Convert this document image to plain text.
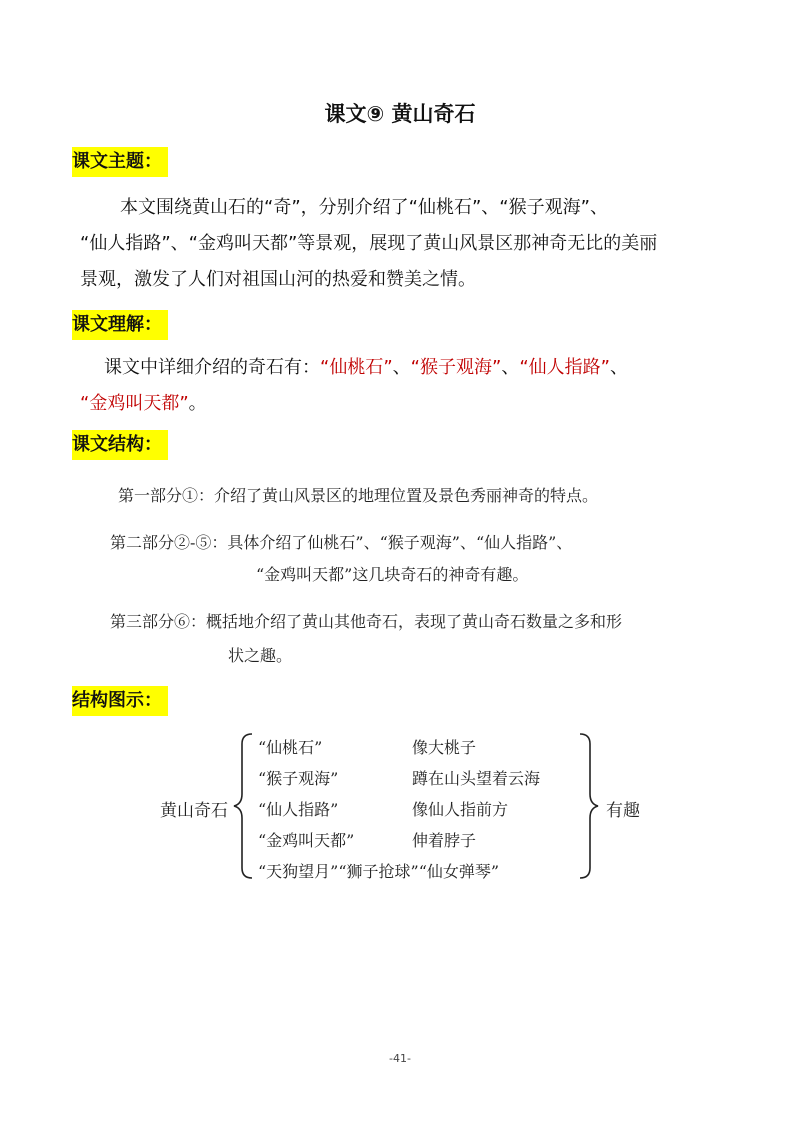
课文⑨ 黄山奇石
课文主题：
本文围绕黄山石的“奇”，分别介绍了“仙桃石”、“猴子观海”、
“仙人指路”、“金鸡叫天都”等景观，展现了黄山风景区那神奇无比的美丽
景观，激发了人们对祖国山河的热爱和赞美之情。
课文理解：
课文中详细介绍的奇石有：“仙桃石”、“猴子观海”、“仙人指路”、
“金鸡叫天都”。
课文结构：
第一部分①：介绍了黄山风景区的地理位置及景色秀丽神奇的特点。
第二部分②-⑤：具体介绍了仙桃石”、“猴子观海”、“仙人指路”、
“金鸡叫天都”这几块奇石的神奇有趣。
第三部分⑥：概括地介绍了黄山其他奇石，表现了黄山奇石数量之多和形
状之趣。
结构图示：
黄山奇石
“仙桃石”	像大桃子
“猴子观海”	蹲在山头望着云海
“仙人指路”	像仙人指前方
“金鸡叫天都”	伸着脖子
“天狗望月”“狮子抢球”“仙女弹琴”
有趣
-41-
